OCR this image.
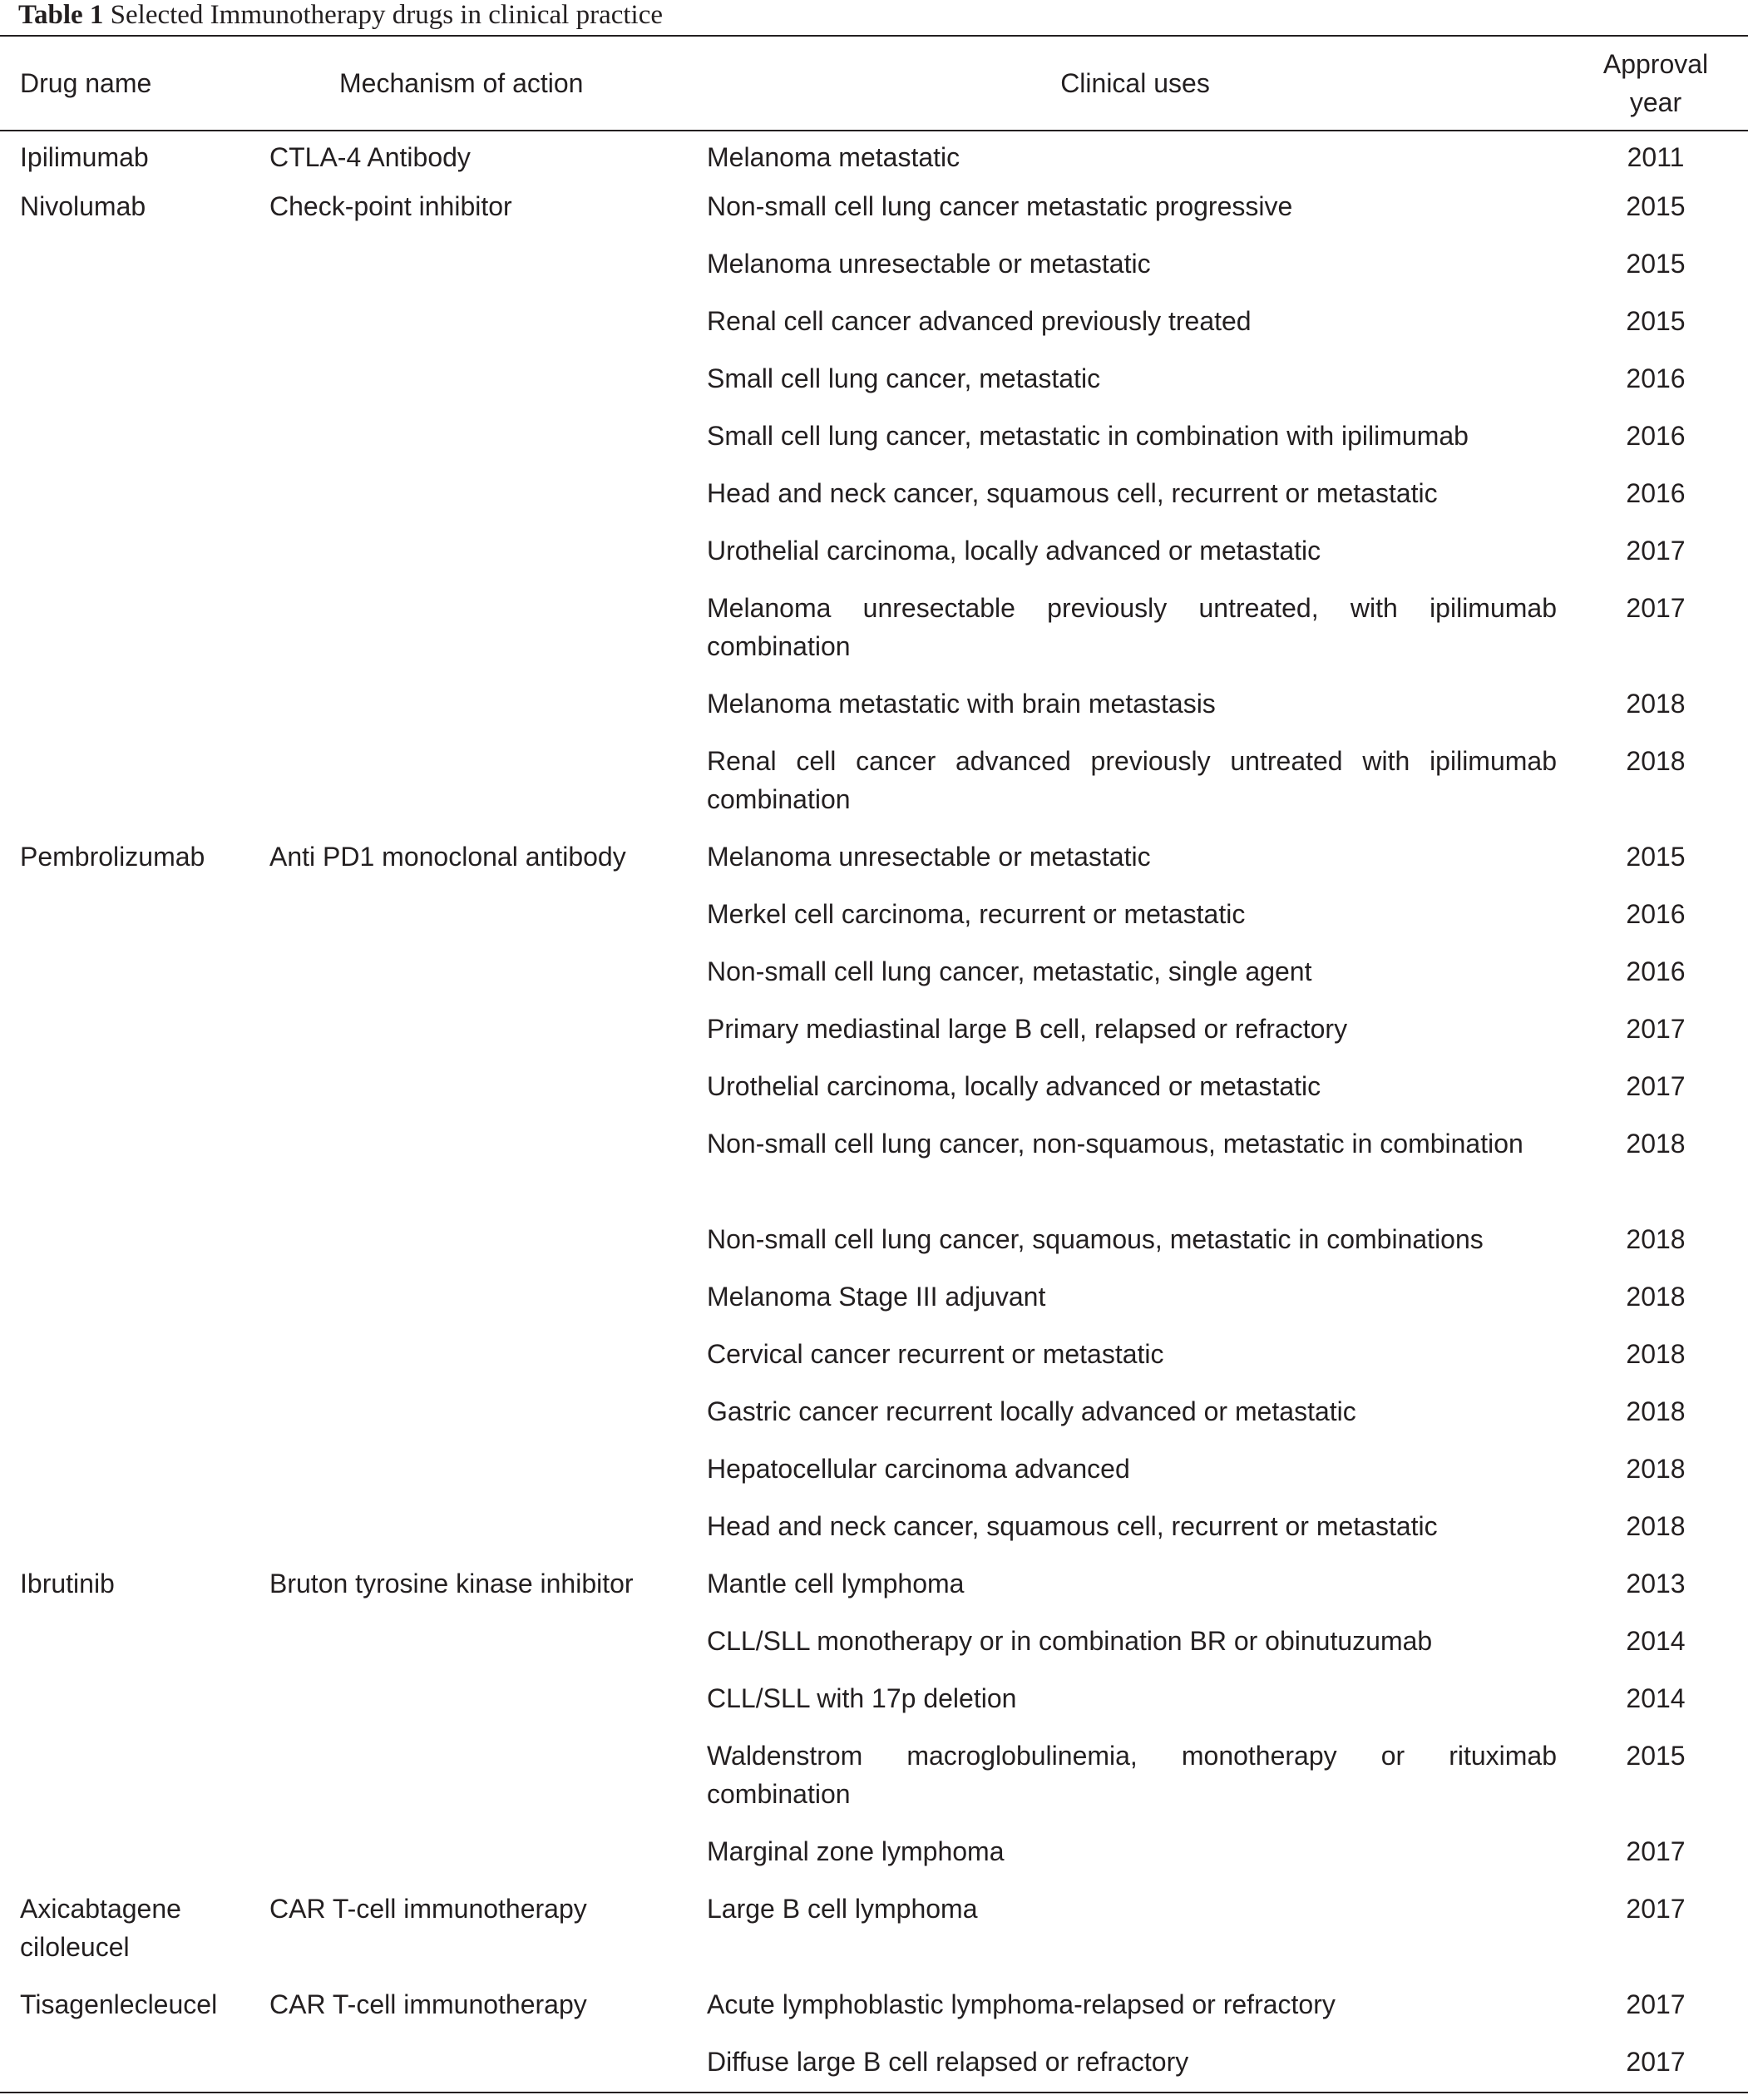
Table 1 Selected Immunotherapy drugs in clinical practice
Drug name	Mechanism of action	Clinical uses	Approval
year
Ipilimumab	CTLA-4 Antibody	Melanoma metastatic	2011
Nivolumab	Check-point inhibitor	Non-small cell lung cancer metastatic progressive	2015
		Melanoma unresectable or metastatic	2015
		Renal cell cancer advanced previously treated	2015
		Small cell lung cancer, metastatic	2016
		Small cell lung cancer, metastatic in combination with ipilimumab	2016
		Head and neck cancer, squamous cell, recurrent or metastatic	2016
		Urothelial carcinoma, locally advanced or metastatic	2017
		Melanoma unresectable previously untreated, with ipilimumab combination	2017
		Melanoma metastatic with brain metastasis	2018
		Renal cell cancer advanced previously untreated with ipilimumab combination	2018
Pembrolizumab	Anti PD1 monoclonal antibody	Melanoma unresectable or metastatic	2015
		Merkel cell carcinoma, recurrent or metastatic	2016
		Non-small cell lung cancer, metastatic, single agent	2016
		Primary mediastinal large B cell, relapsed or refractory	2017
		Urothelial carcinoma, locally advanced or metastatic	2017
		Non-small cell lung cancer, non-squamous, metastatic in combination	2018
		Non-small cell lung cancer, squamous, metastatic in combinations	2018
		Melanoma Stage III adjuvant	2018
		Cervical cancer recurrent or metastatic	2018
		Gastric cancer recurrent locally advanced or metastatic	2018
		Hepatocellular carcinoma advanced	2018
		Head and neck cancer, squamous cell, recurrent or metastatic	2018
Ibrutinib	Bruton tyrosine kinase inhibitor	Mantle cell lymphoma	2013
		CLL/SLL monotherapy or in combination BR or obinutuzumab	2014
		CLL/SLL with 17p deletion	2014
		Waldenstrom macroglobulinemia, monotherapy or rituximab combination	2015
		Marginal zone lymphoma	2017
Axicabtagene ciloleucel	CAR T-cell immunotherapy	Large B cell lymphoma	2017
Tisagenlecleucel	CAR T-cell immunotherapy	Acute lymphoblastic lymphoma-relapsed or refractory	2017
		Diffuse large B cell relapsed or refractory	2017
